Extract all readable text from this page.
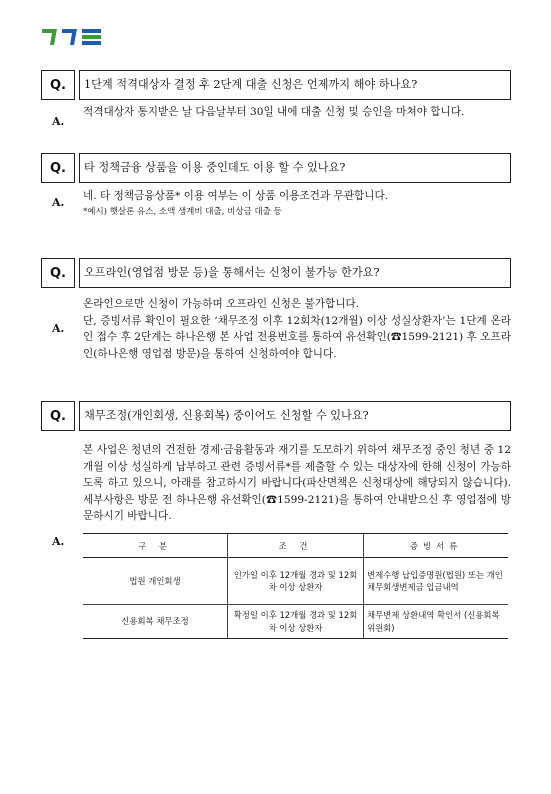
Q.	1단계 적격대상자 결정 후 2단계 대출 신청은 언제까지 해야 하나요?
A.

적격대상자 통지받은 날 다음날부터 30일 내에 대출 신청 및 승인을 마쳐야 합니다.

Q.	타 정책금융 상품을 이용 중인데도 이용 할 수 있나요?
A. 네. 타 정책금융상품* 이용 여부는 이 상품 이용조건과 무관합니다.

*예시) 햇살론 유스, 소액 생계비 대출, 비상금 대출 등

Q.	오프라인(영업점 방문 등)을 통해서는 신청이 불가능 한가요?
A.

온라인으로만 신청이 가능하며 오프라인 신청은 불가합니다.

단, 증빙서류 확인이 필요한 ‘채무조정 이후 12회차(12개월) 이상 성실상환자’는 1단계 온라인 접수 후 2단계는 하나은행 본 사업 전용번호를 통하여 유선확인(☎1599-2121) 후 오프라인(하나은행 영업점 방문)을 통하여 신청하여야 합니다.

Q.	채무조정(개인회생, 신용회복) 중이어도 신청할 수 있나요?
A.

본 사업은 청년의 건전한 경제·금융활동과 재기를 도모하기 위하여 채무조정 중인 청년 중 12개월 이상 성실하게 납부하고 관련 증빙서류*를 제출할 수 있는 대상자에 한해 신청이 가능하도록 하고 있으니, 아래를 참고하시기 바랍니다(파산면책은 신청대상에 해당되지 않습니다). 세부사항은 방문 전 하나은행 유선확인(☎1599-2121)을 통하여 안내받으신 후 영업점에 방문하시기 바랍니다.

구 분	조 건	증빙서류
법원 개인회생	인가일 이후 12개월 경과 및 12회차 이상 상환자	변제수행 납입증명원(법원) 또는 개인채무회생변제금 입금내역
신용회복 채무조정	확정일 이후 12개월 경과 및 12회차 이상 상환자	채무변제 상환내역 확인서 (신용회복위원회)
